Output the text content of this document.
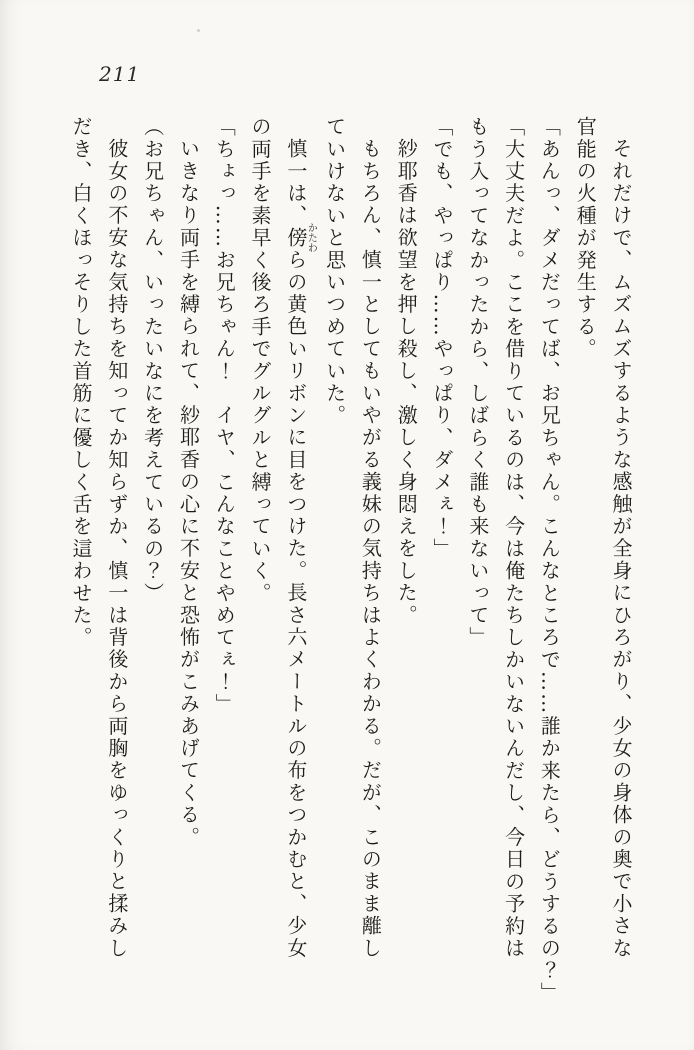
211
それだけで、ムズムズするような感触が全身にひろがり、少女の身体の奥で小さな
官能の火種が発生する。
「あんっ、ダメだってば、お兄ちゃん。こんなところで……誰か来たら、どうするの？」
「大丈夫だよ。ここを借りているのは、今は俺たちしかいないんだし、今日の予約は
もう入ってなかったから、しばらく誰も来ないって」
「でも、やっぱり……やっぱり、ダメぇ！」
紗耶香は欲望を押し殺し、激しく身悶えをした。
もちろん、慎一としてもいやがる義妹の気持ちはよくわかる。だが、このまま離し
ていけないと思いつめていた。
慎一は、傍かたわらの黄色いリボンに目をつけた。長さ六メートルの布をつかむと、少女
の両手を素早く後ろ手でグルグルと縛っていく。
「ちょっ……お兄ちゃん！　イヤ、こんなことやめてぇ！」
いきなり両手を縛られて、紗耶香の心に不安と恐怖がこみあげてくる。
（お兄ちゃん、いったいなにを考えているの？）
彼女の不安な気持ちを知ってか知らずか、慎一は背後から両胸をゆっくりと揉みし
だき、白くほっそりした首筋に優しく舌を這わせた。
